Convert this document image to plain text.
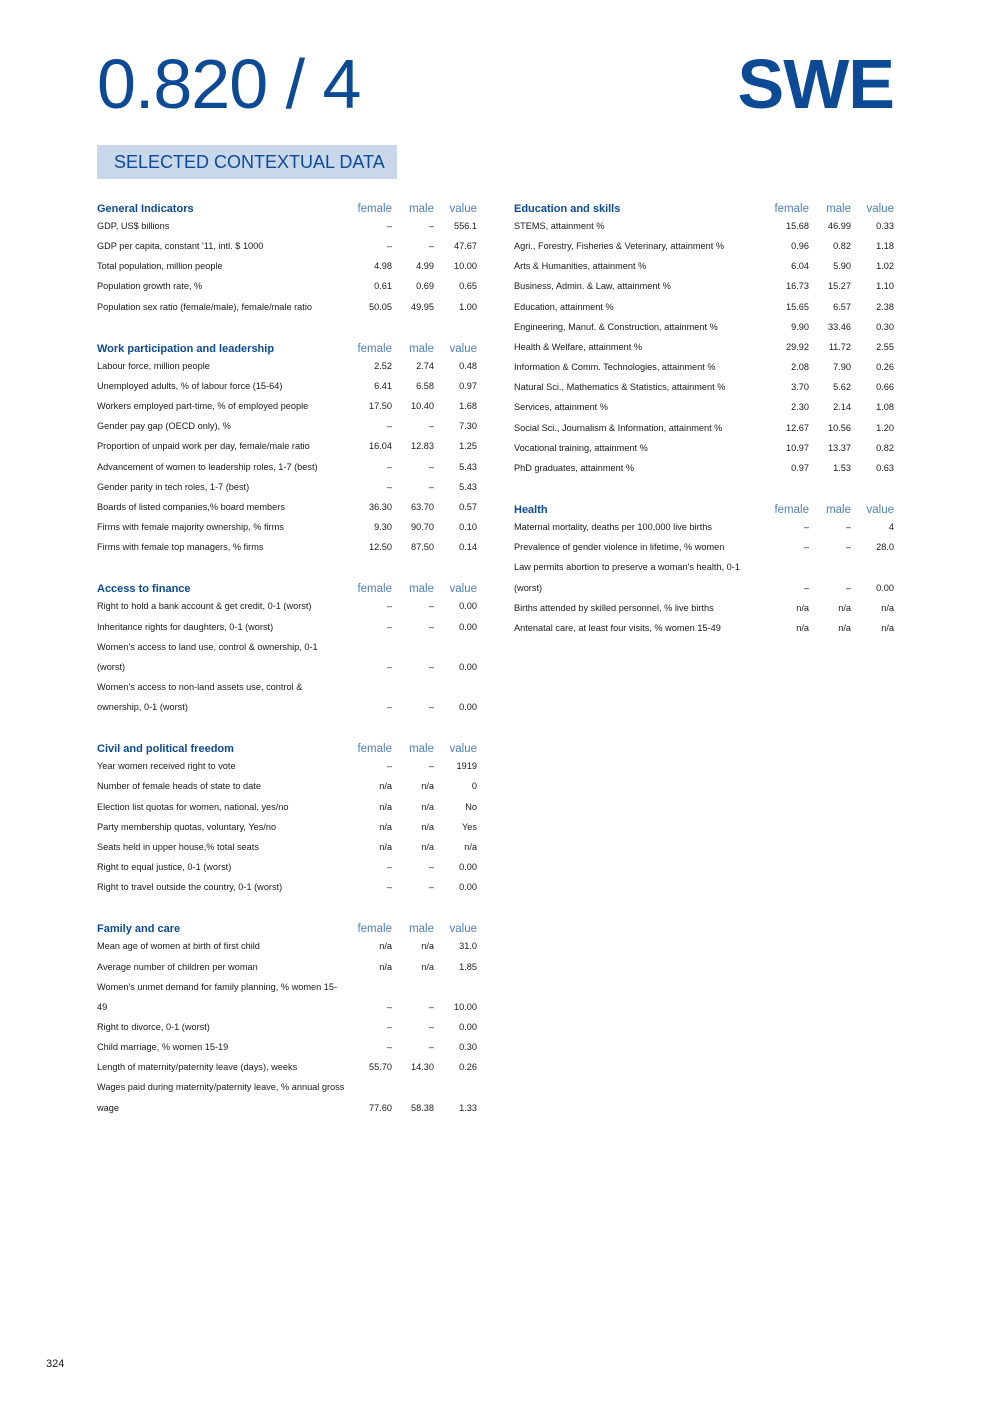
0.820 / 4	SWE
SELECTED CONTEXTUAL DATA
General Indicators	female	male	value
GDP, US$ billions	–	–	556.1
GDP per capita, constant '11, intl. $ 1000	–	–	47.67
Total population, million people	4.98	4.99	10.00
Population growth rate, %	0.61	0.69	0.65
Population sex ratio (female/male), female/male ratio	50.05	49.95	1.00
Work participation and leadership	female	male	value
Labour force, million people	2.52	2.74	0.48
Unemployed adults, % of labour force (15-64)	6.41	6.58	0.97
Workers employed part-time, % of employed people	17.50	10.40	1.68
Gender pay gap (OECD only), %	–	–	7.30
Proportion of unpaid work per day, female/male ratio	16.04	12.83	1.25
Advancement of women to leadership roles, 1-7 (best)	–	–	5.43
Gender parity in tech roles, 1-7 (best)	–	–	5.43
Boards of listed companies,% board members	36.30	63.70	0.57
Firms with female majority ownership, % firms	9.30	90.70	0.10
Firms with female top managers, % firms	12.50	87.50	0.14
Access to finance	female	male	value
Right to hold a bank account & get credit, 0-1 (worst)	–	–	0.00
Inheritance rights for daughters, 0-1 (worst)	–	–	0.00
Women's access to land use, control & ownership, 0-1 (worst)	–	–	0.00
Women's access to non-land assets use, control & ownership, 0-1 (worst)	–	–	0.00
Civil and political freedom	female	male	value
Year women received right to vote	–	–	1919
Number of female heads of state to date	n/a	n/a	0
Election list quotas for women, national, yes/no	n/a	n/a	No
Party membership quotas, voluntary, Yes/no	n/a	n/a	Yes
Seats held in upper house,% total seats	n/a	n/a	n/a
Right to equal justice, 0-1 (worst)	–	–	0.00
Right to travel outside the country, 0-1 (worst)	–	–	0.00
Family and care	female	male	value
Mean age of women at birth of first child	n/a	n/a	31.0
Average number of children per woman	n/a	n/a	1.85
Women's unmet demand for family planning, % women 15-49	–	–	10.00
Right to divorce, 0-1 (worst)	–	–	0.00
Child marriage, % women 15-19	–	–	0.30
Length of maternity/paternity leave (days), weeks	55.70	14.30	0.26
Wages paid during maternity/paternity leave, % annual gross wage	77.60	58.38	1.33
Education and skills	female	male	value
STEMS, attainment %	15.68	46.99	0.33
Agri., Forestry, Fisheries & Veterinary, attainment %	0.96	0.82	1.18
Arts & Humanities, attainment %	6.04	5.90	1.02
Business, Admin. & Law, attainment %	16.73	15.27	1.10
Education, attainment %	15.65	6.57	2.38
Engineering, Manuf. & Construction, attainment %	9.90	33.46	0.30
Health & Welfare, attainment %	29.92	11.72	2.55
Information & Comm. Technologies, attainment %	2.08	7.90	0.26
Natural Sci., Mathematics & Statistics, attainment %	3.70	5.62	0.66
Services, attainment %	2.30	2.14	1.08
Social Sci., Journalism & Information, attainment %	12.67	10.56	1.20
Vocational training, attainment %	10.97	13.37	0.82
PhD graduates, attainment %	0.97	1.53	0.63
Health	female	male	value
Maternal mortality, deaths per 100,000 live births	–	–	4
Prevalence of gender violence in lifetime, % women	–	–	28.0
Law permits abortion to preserve a woman's health, 0-1 (worst)	–	–	0.00
Births attended by skilled personnel, % live births	n/a	n/a	n/a
Antenatal care, at least four visits, % women 15-49	n/a	n/a	n/a
324
